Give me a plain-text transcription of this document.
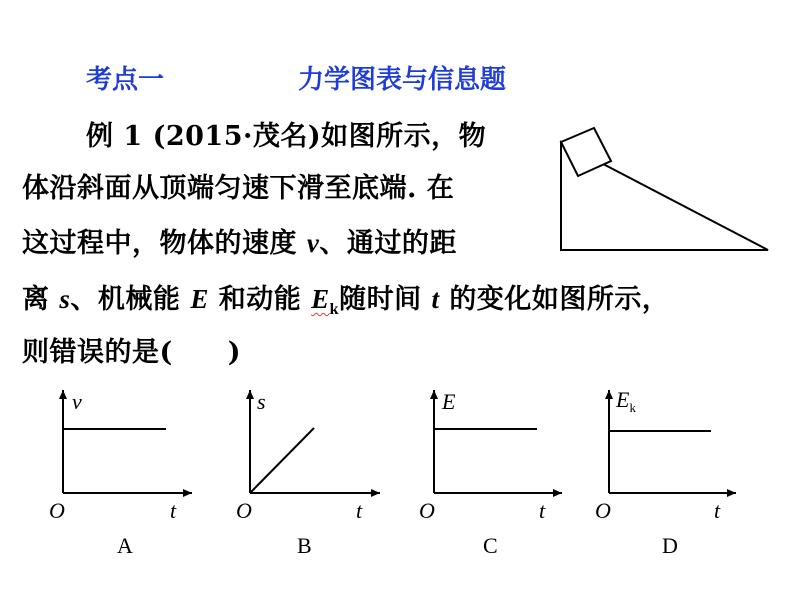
考点一	力学图表与信息题
例 1 (2015·茂名)如图所示，物
体沿斜面从顶端匀速下滑至底端. 在
这过程中，物体的速度 v、通过的距
离 s、机械能 E 和动能 $E_k$随时间 t 的变化如图所示，
则错误的是(　　)
v
t
O
A
s
t
O
B
E
t
O
C
$E_k$
t
O
D
